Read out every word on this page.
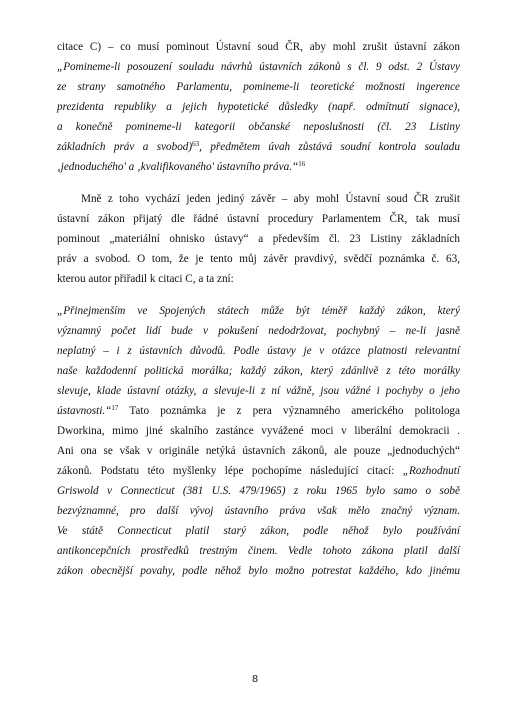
citace C) – co musí pominout Ústavní soud ČR, aby mohl zrušit ústavní zákon
„Pomineme-li posouzení souladu návrhů ústavních zákonů s čl. 9 odst. 2 Ústavy
ze strany samotného Parlamentu, pomineme-li teoretické možnosti ingerence
prezidenta republiky a jejich hypotetické důsledky (např. odmítnutí signace),
a konečně pomineme-li kategorii občanské neposlušnosti (čl. 23 Listiny
základních práv a svobod)$^{63}$, předmětem úvah zůstává soudní kontrola souladu
‚jednoduchého' a ‚kvalifikovaného' ústavního práva.“$^{16}$
Mně z toho vychází jeden jediný závěr – aby mohl Ústavní soud ČR zrušit
ústavní zákon přijatý dle řádné ústavní procedury Parlamentem ČR, tak musí
pominout „materiální ohnisko ústavy“ a především čl. 23 Listiny základních
práv a svobod. O tom, že je tento můj závěr pravdivý, svědčí poznámka č. 63,
kterou autor přiřadil k citaci C, a ta zní:
„Přinejmenším ve Spojených státech může být téměř každý zákon, který
významný počet lidí bude v pokušení nedodržovat, pochybný – ne-li jasně
neplatný – i z ústavních důvodů. Podle ústavy je v otázce platnosti relevantní
naše každodenní politická morálka; každý zákon, který zdánlivě z této morálky
slevuje, klade ústavní otázky, a slevuje-li z ní vážně, jsou vážné i pochyby o jeho
ústavnosti.“$^{17}$ Tato poznámka je z pera významného amerického politologa
Dworkina, mimo jiné skalního zastánce vyvážené moci v liberální demokracii .
Ani ona se však v originále netýká ústavních zákonů, ale pouze „jednoduchých“
zákonů. Podstatu této myšlenky lépe pochopíme následující citací: „Rozhodnutí
Griswold v Connecticut (381 U.S. 479/1965) z roku 1965 bylo samo o sobě
bezvýznamné, pro další vývoj ústavního práva však mělo značný význam.
Ve státě Connecticut platil starý zákon, podle něhož bylo používání
antikoncepčních prostředků trestným činem. Vedle tohoto zákona platil další
zákon obecnější povahy, podle něhož bylo možno potrestat každého, kdo jinému
8
